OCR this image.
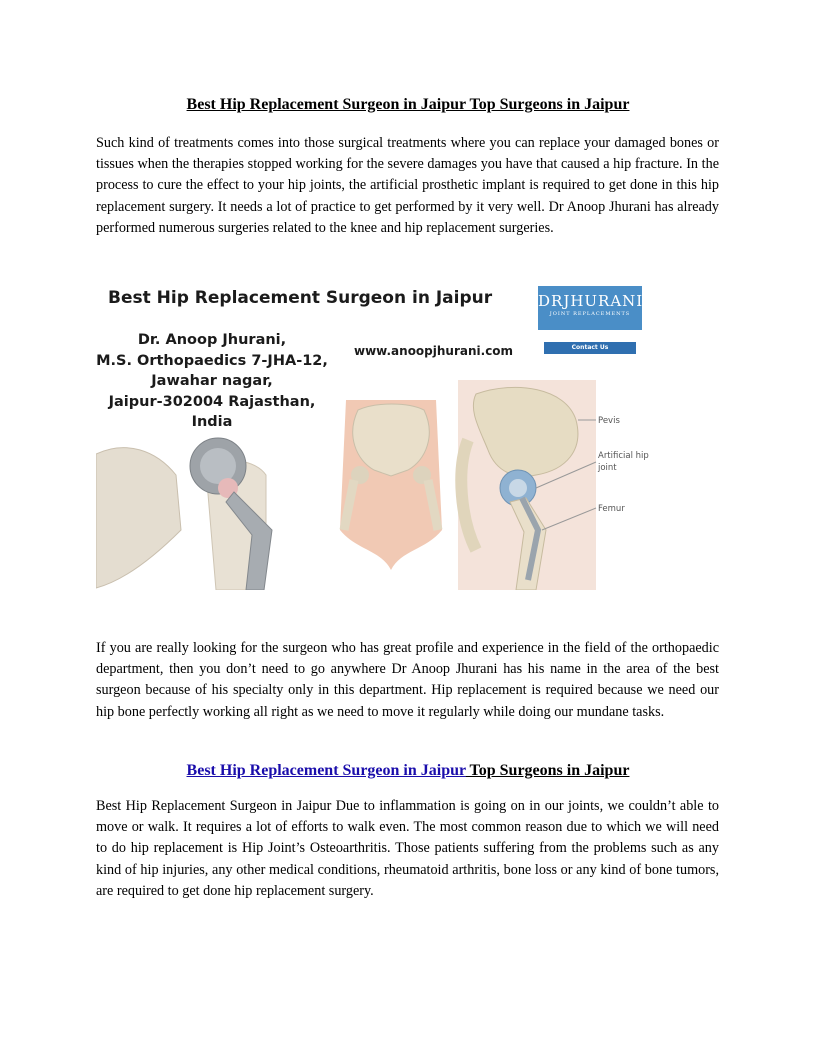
Best Hip Replacement Surgeon in Jaipur Top Surgeons in Jaipur

Such kind of treatments comes into those surgical treatments where you can replace your damaged bones or tissues when the therapies stopped working for the severe damages you have that caused a hip fracture. In the process to cure the effect to your hip joints, the artificial prosthetic implant is required to get done in this hip replacement surgery. It needs a lot of practice to get performed by it very well. Dr Anoop Jhurani has already performed numerous surgeries related to the knee and hip replacement surgeries.

Best Hip Replacement Surgeon in Jaipur
Dr. Anoop Jhurani,
M.S. Orthopaedics 7-JHA-12,
Jawahar nagar,
Jaipur-302004 Rajasthan,
India
www.anoopjhurani.com
DRJHURANI
JOINT REPLACEMENTS
Contact Us
Pevis
Artificial hip
joint
Femur

If you are really looking for the surgeon who has great profile and experience in the field of the orthopaedic department, then you don’t need to go anywhere Dr Anoop Jhurani has his name in the area of the best surgeon because of his specialty only in this department. Hip replacement is required because we need our hip bone perfectly working all right as we need to move it regularly while doing our mundane tasks.

Best Hip Replacement Surgeon in Jaipur Top Surgeons in Jaipur

Best Hip Replacement Surgeon in Jaipur Due to inflammation is going on in our joints, we couldn’t able to move or walk. It requires a lot of efforts to walk even. The most common reason due to which we will need to do hip replacement is Hip Joint’s Osteoarthritis. Those patients suffering from the problems such as any kind of hip injuries, any other medical conditions, rheumatoid arthritis, bone loss or any kind of bone tumors, are required to get done hip replacement surgery.
